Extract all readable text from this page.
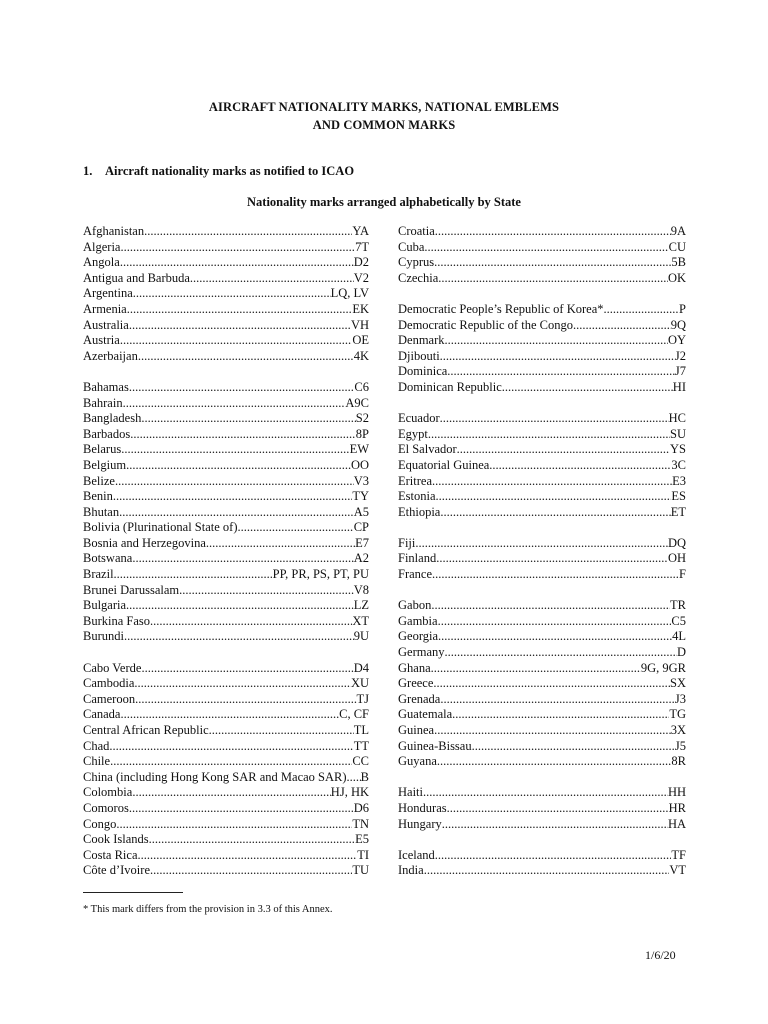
AIRCRAFT NATIONALITY MARKS, NATIONAL EMBLEMS
AND COMMON MARKS
1. Aircraft nationality marks as notified to ICAO
Nationality marks arranged alphabetically by State
Afghanistan .....	YA
Algeria .....	7T
Angola .....	D2
Antigua and Barbuda .....	V2
Argentina .....	LQ, LV
Armenia .....	EK
Australia .....	VH
Austria .....	OE
Azerbaijan .....	4K
Bahamas .....	C6
Bahrain .....	A9C
Bangladesh .....	S2
Barbados .....	8P
Belarus .....	EW
Belgium .....	OO
Belize .....	V3
Benin .....	TY
Bhutan .....	A5
Bolivia (Plurinational State of) .....	CP
Bosnia and Herzegovina .....	E7
Botswana .....	A2
Brazil .....	PP, PR, PS, PT, PU
Brunei Darussalam .....	V8
Bulgaria .....	LZ
Burkina Faso .....	XT
Burundi .....	9U
Cabo Verde .....	D4
Cambodia .....	XU
Cameroon .....	TJ
Canada .....	C, CF
Central African Republic .....	TL
Chad .....	TT
Chile .....	CC
China (including Hong Kong SAR and Macao SAR) ..... B
Colombia .....	HJ, HK
Comoros .....	D6
Congo .....	TN
Cook Islands .....	E5
Costa Rica .....	TI
Côte d’Ivoire .....	TU
Croatia .....	9A
Cuba .....	CU
Cyprus .....	5B
Czechia .....	OK
Democratic People’s Republic of Korea* .....	P
Democratic Republic of the Congo .....	9Q
Denmark .....	OY
Djibouti .....	J2
Dominica .....	J7
Dominican Republic .....	HI
Ecuador .....	HC
Egypt .....	SU
El Salvador .....	YS
Equatorial Guinea .....	3C
Eritrea .....	E3
Estonia .....	ES
Ethiopia .....	ET
Fiji .....	DQ
Finland .....	OH
France .....	F
Gabon .....	TR
Gambia .....	C5
Georgia .....	4L
Germany .....	D
Ghana .....	9G, 9GR
Greece .....	SX
Grenada .....	J3
Guatemala .....	TG
Guinea .....	3X
Guinea-Bissau .....	J5
Guyana .....	8R
Haiti .....	HH
Honduras .....	HR
Hungary .....	HA
Iceland .....	TF
India .....	VT
* This mark differs from the provision in 3.3 of this Annex.
1/6/20
